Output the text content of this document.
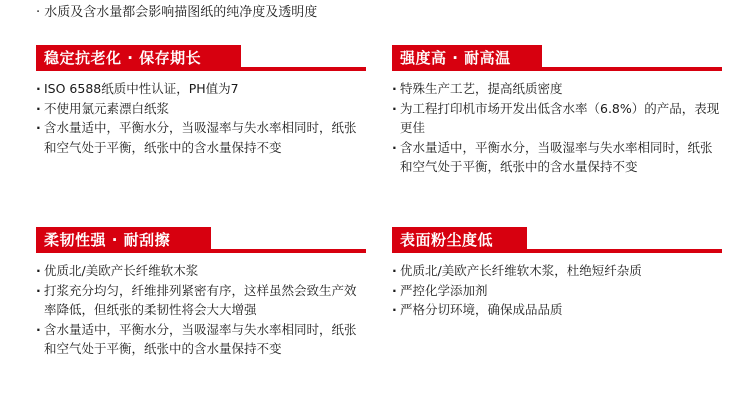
· 水质及含水量都会影响描图纸的纯净度及透明度
稳定抗老化 · 保存期长
· ISO 6588纸质中性认证，PH值为7
· 不使用氯元素漂白纸浆
· 含水量适中，平衡水分，当吸湿率与失水率相同时，纸张和空气处于平衡，纸张中的含水量保持不变
强度高 · 耐高温
· 特殊生产工艺，提高纸质密度
· 为工程打印机市场开发出低含水率（6.8%）的产品，表现更佳
· 含水量适中，平衡水分，当吸湿率与失水率相同时，纸张和空气处于平衡，纸张中的含水量保持不变
柔韧性强 · 耐刮擦
· 优质北/美欧产长纤维软木浆
· 打浆充分均匀，纤维排列紧密有序，这样虽然会致生产效率降低，但纸张的柔韧性将会大大增强
· 含水量适中，平衡水分，当吸湿率与失水率相同时，纸张和空气处于平衡，纸张中的含水量保持不变
表面粉尘度低
· 优质北/美欧产长纤维软木浆，杜绝短纤杂质
· 严控化学添加剂
· 严格分切环境，确保成品品质
